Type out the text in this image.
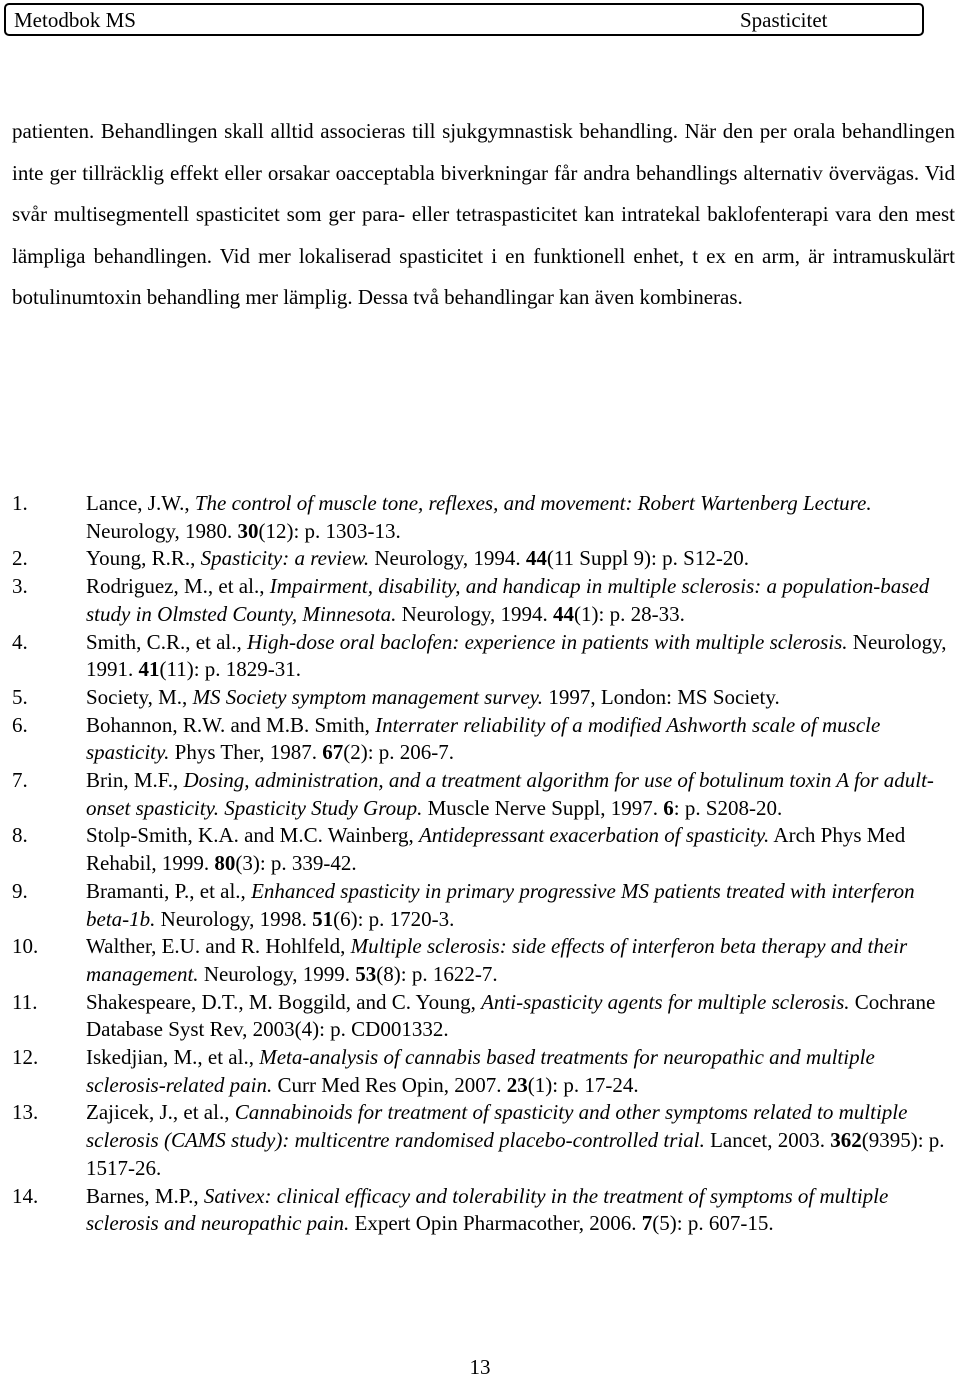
Metodbok MS	Spasticitet

patienten. Behandlingen skall alltid associeras till sjukgymnastisk behandling. När den per orala behandlingen inte ger tillräcklig effekt eller orsakar oacceptabla biverkningar får andra behandlings alternativ övervägas. Vid svår multisegmentell spasticitet som ger para- eller tetraspasticitet kan intratekal baklofenterapi vara den mest lämpliga behandlingen. Vid mer lokaliserad spasticitet i en funktionell enhet, t ex en arm, är intramuskulärt botulinumtoxin behandling mer lämplig. Dessa två behandlingar kan även kombineras.

1.	Lance, J.W., The control of muscle tone, reflexes, and movement: Robert Wartenberg Lecture. Neurology, 1980. 30(12): p. 1303-13.
2.	Young, R.R., Spasticity: a review. Neurology, 1994. 44(11 Suppl 9): p. S12-20.
3.	Rodriguez, M., et al., Impairment, disability, and handicap in multiple sclerosis: a population-based study in Olmsted County, Minnesota. Neurology, 1994. 44(1): p. 28-33.
4.	Smith, C.R., et al., High-dose oral baclofen: experience in patients with multiple sclerosis. Neurology, 1991. 41(11): p. 1829-31.
5.	Society, M., MS Society symptom management survey. 1997, London: MS Society.
6.	Bohannon, R.W. and M.B. Smith, Interrater reliability of a modified Ashworth scale of muscle spasticity. Phys Ther, 1987. 67(2): p. 206-7.
7.	Brin, M.F., Dosing, administration, and a treatment algorithm for use of botulinum toxin A for adult-onset spasticity. Spasticity Study Group. Muscle Nerve Suppl, 1997. 6: p. S208-20.
8.	Stolp-Smith, K.A. and M.C. Wainberg, Antidepressant exacerbation of spasticity. Arch Phys Med Rehabil, 1999. 80(3): p. 339-42.
9.	Bramanti, P., et al., Enhanced spasticity in primary progressive MS patients treated with interferon beta-1b. Neurology, 1998. 51(6): p. 1720-3.
10.	Walther, E.U. and R. Hohlfeld, Multiple sclerosis: side effects of interferon beta therapy and their management. Neurology, 1999. 53(8): p. 1622-7.
11.	Shakespeare, D.T., M. Boggild, and C. Young, Anti-spasticity agents for multiple sclerosis. Cochrane Database Syst Rev, 2003(4): p. CD001332.
12.	Iskedjian, M., et al., Meta-analysis of cannabis based treatments for neuropathic and multiple sclerosis-related pain. Curr Med Res Opin, 2007. 23(1): p. 17-24.
13.	Zajicek, J., et al., Cannabinoids for treatment of spasticity and other symptoms related to multiple sclerosis (CAMS study): multicentre randomised placebo-controlled trial. Lancet, 2003. 362(9395): p. 1517-26.
14.	Barnes, M.P., Sativex: clinical efficacy and tolerability in the treatment of symptoms of multiple sclerosis and neuropathic pain. Expert Opin Pharmacother, 2006. 7(5): p. 607-15.
13
